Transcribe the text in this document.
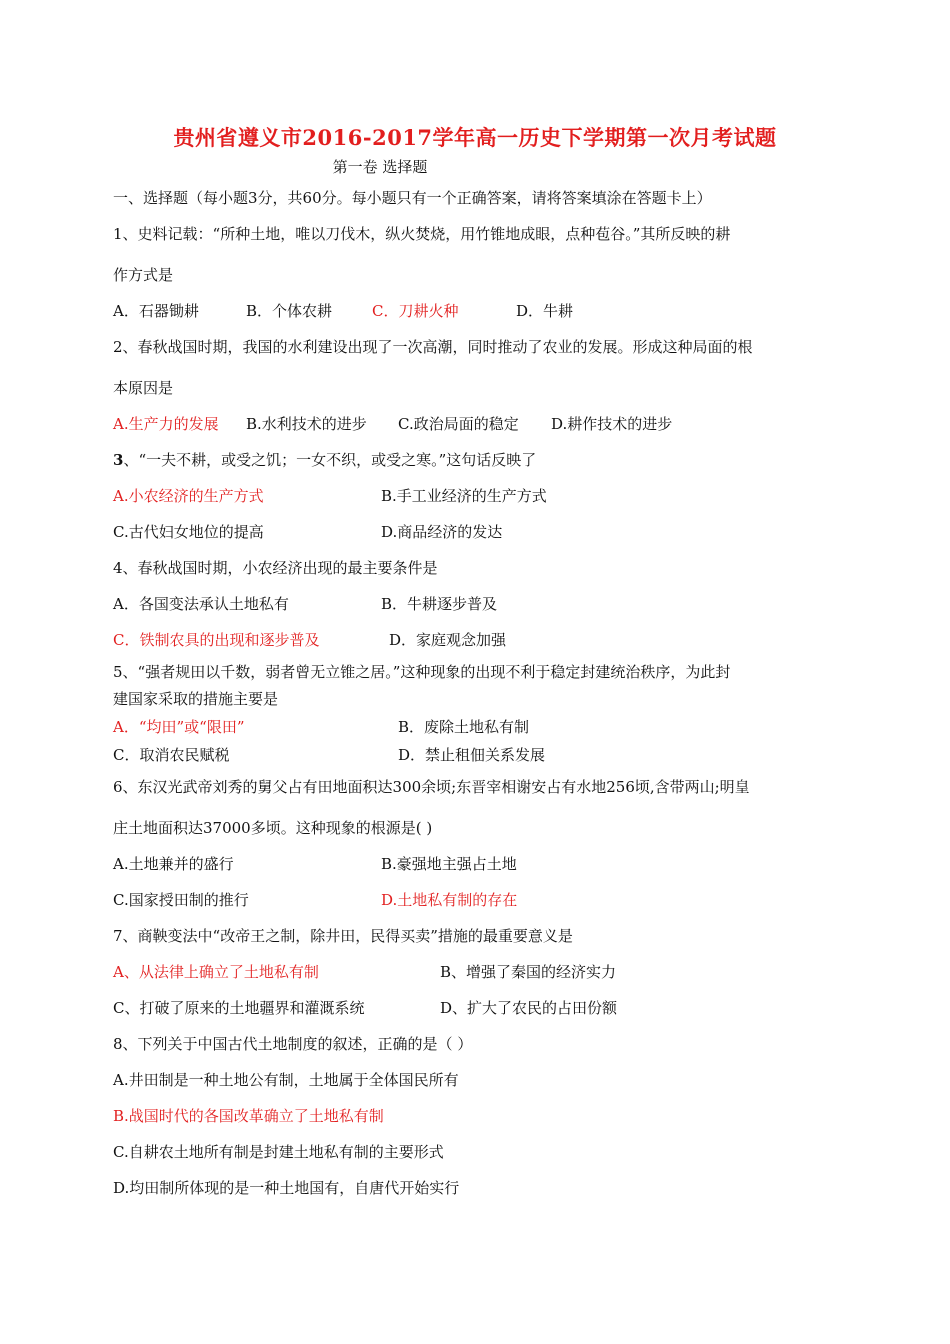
贵州省遵义市2016-2017学年高一历史下学期第一次月考试题
第一卷 选择题
一、选择题（每小题3分，共60分。每小题只有一个正确答案，请将答案填涂在答题卡上）
1、史料记载：“所种土地，唯以刀伐木，纵火焚烧，用竹锥地成眼，点种苞谷。”其所反映的耕
作方式是
A．石器锄耕	B．个体农耕	C．刀耕火种	D．牛耕
2、春秋战国时期，我国的水利建设出现了一次高潮，同时推动了农业的发展。形成这种局面的根
本原因是
A.生产力的发展 B.水利技术的进步 C.政治局面的稳定 D.耕作技术的进步
3、“一夫不耕，或受之饥；一女不织，或受之寒。”这句话反映了
A.小农经济的生产方式	B.手工业经济的生产方式
C.古代妇女地位的提高	D.商品经济的发达
4、春秋战国时期，小农经济出现的最主要条件是
A．各国变法承认土地私有	B．牛耕逐步普及
C．铁制农具的出现和逐步普及	D．家庭观念加强
5、“强者规田以千数，弱者曾无立锥之居。”这种现象的出现不利于稳定封建统治秩序，为此封
建国家采取的措施主要是
A．“均田”或“限田”	B．废除土地私有制
C．取消农民赋税	D．禁止租佃关系发展
6、东汉光武帝刘秀的舅父占有田地面积达300余顷;东晋宰相谢安占有水地256顷,含带两山;明皇
庄土地面积达37000多顷。这种现象的根源是( )
A.土地兼并的盛行	B.豪强地主强占土地
C.国家授田制的推行	D.土地私有制的存在
7、商鞅变法中“改帝王之制，除井田，民得买卖”措施的最重要意义是
A、从法律上确立了土地私有制	B、增强了秦国的经济实力
C、打破了原来的土地疆界和灌溉系统	D、扩大了农民的占田份额
8、下列关于中国古代土地制度的叙述，正确的是（ ）
A.井田制是一种土地公有制，土地属于全体国民所有
B.战国时代的各国改革确立了土地私有制
C.自耕农土地所有制是封建土地私有制的主要形式
D.均田制所体现的是一种土地国有，自唐代开始实行
